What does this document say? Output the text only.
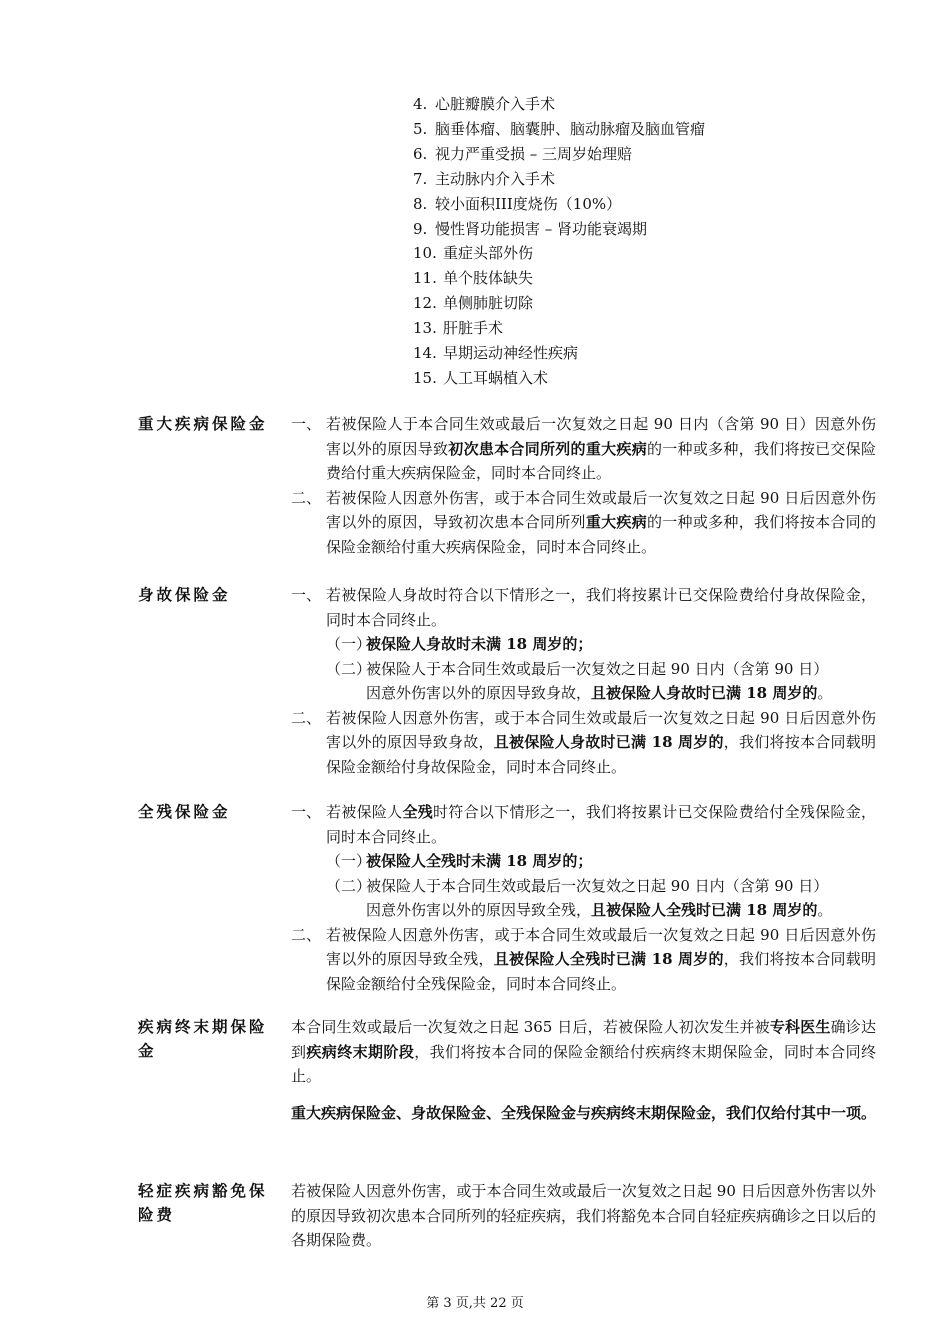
4. 心脏瓣膜介入手术
5. 脑垂体瘤、脑囊肿、脑动脉瘤及脑血管瘤
6. 视力严重受损 – 三周岁始理赔
7. 主动脉内介入手术
8. 较小面积III度烧伤（10%）
9. 慢性肾功能损害 – 肾功能衰竭期
10. 重症头部外伤
11. 单个肢体缺失
12. 单侧肺脏切除
13. 肝脏手术
14. 早期运动神经性疾病
15. 人工耳蜗植入术
重大疾病保险金	一、 若被保险人于本合同生效或最后一次复效之日起 90 日内（含第 90 日）因意外伤害以外的原因导致初次患本合同所列的重大疾病的一种或多种，我们将按已交保险费给付重大疾病保险金，同时本合同终止。
二、 若被保险人因意外伤害，或于本合同生效或最后一次复效之日起 90 日后因意外伤害以外的原因，导致初次患本合同所列重大疾病的一种或多种，我们将按本合同的保险金额给付重大疾病保险金，同时本合同终止。
身故保险金	一、 若被保险人身故时符合以下情形之一，我们将按累计已交保险费给付身故保险金，同时本合同终止。
（一）
被保险人身故时未满 18 周岁的；
（二）
被保险人于本合同生效或最后一次复效之日起 90 日内（含第 90 日）
因意外伤害以外的原因导致身故，且被保险人身故时已满 18 周岁的。
二、 若被保险人因意外伤害，或于本合同生效或最后一次复效之日起 90 日后因意外伤害以外的原因导致身故，且被保险人身故时已满 18 周岁的，我们将按本合同载明保险金额给付身故保险金，同时本合同终止。
全残保险金	一、 若被保险人全残时符合以下情形之一，我们将按累计已交保险费给付全残保险金，同时本合同终止。
（一）
被保险人全残时未满 18 周岁的；
（二）
被保险人于本合同生效或最后一次复效之日起 90 日内（含第 90 日）
因意外伤害以外的原因导致全残，且被保险人全残时已满 18 周岁的。
二、 若被保险人因意外伤害，或于本合同生效或最后一次复效之日起 90 日后因意外伤害以外的原因导致全残，且被保险人全残时已满 18 周岁的，我们将按本合同载明保险金额给付全残保险金，同时本合同终止。
疾病终末期保险金
本合同生效或最后一次复效之日起 365 日后，若被保险人初次发生并被专科医生确诊达到疾病终末期阶段，我们将按本合同的保险金额给付疾病终末期保险金，同时本合同终止。
重大疾病保险金、身故保险金、全残保险金与疾病终末期保险金，我们仅给付其中一项。
轻症疾病豁免保险费
若被保险人因意外伤害，或于本合同生效或最后一次复效之日起 90 日后因意外伤害以外的原因导致初次患本合同所列的轻症疾病，我们将豁免本合同自轻症疾病确诊之日以后的各期保险费。
第 3 页,共 22 页
